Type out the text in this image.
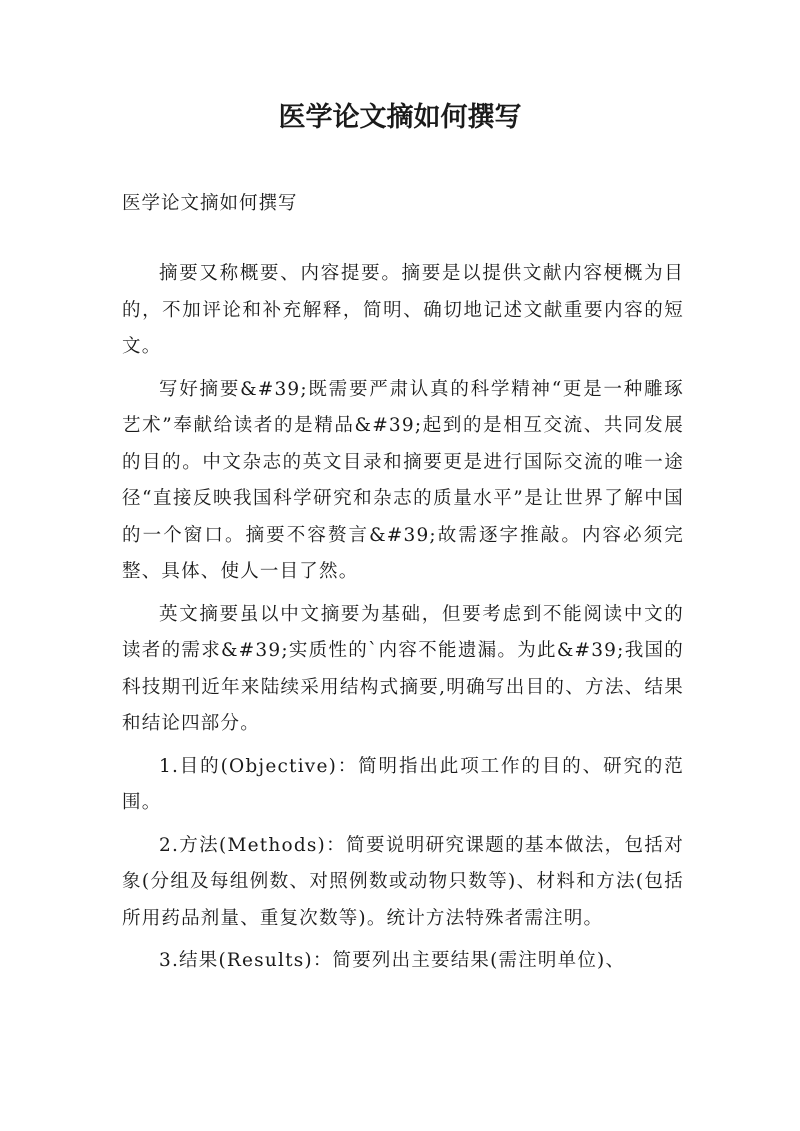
医学论文摘如何撰写
医学论文摘如何撰写

摘要又称概要、内容提要。摘要是以提供文献内容梗概为目的，不加评论和补充解释，简明、确切地记述文献重要内容的短文。

写好摘要&#39;既需要严肃认真的科学精神“更是一种雕琢艺术”奉献给读者的是精品&#39;起到的是相互交流、共同发展的目的。中文杂志的英文目录和摘要更是进行国际交流的唯一途径“直接反映我国科学研究和杂志的质量水平”是让世界了解中国的一个窗口。摘要不容赘言&#39;故需逐字推敲。内容必须完整、具体、使人一目了然。

英文摘要虽以中文摘要为基础，但要考虑到不能阅读中文的读者的需求&#39;实质性的`内容不能遗漏。为此&#39;我国的科技期刊近年来陆续采用结构式摘要,明确写出目的、方法、结果和结论四部分。

1.目的(Objective)：简明指出此项工作的目的、研究的范围。

2.方法(Methods)：简要说明研究课题的基本做法，包括对象(分组及每组例数、对照例数或动物只数等)、材料和方法(包括所用药品剂量、重复次数等)。统计方法特殊者需注明。

3.结果(Results)：简要列出主要结果(需注明单位)、
